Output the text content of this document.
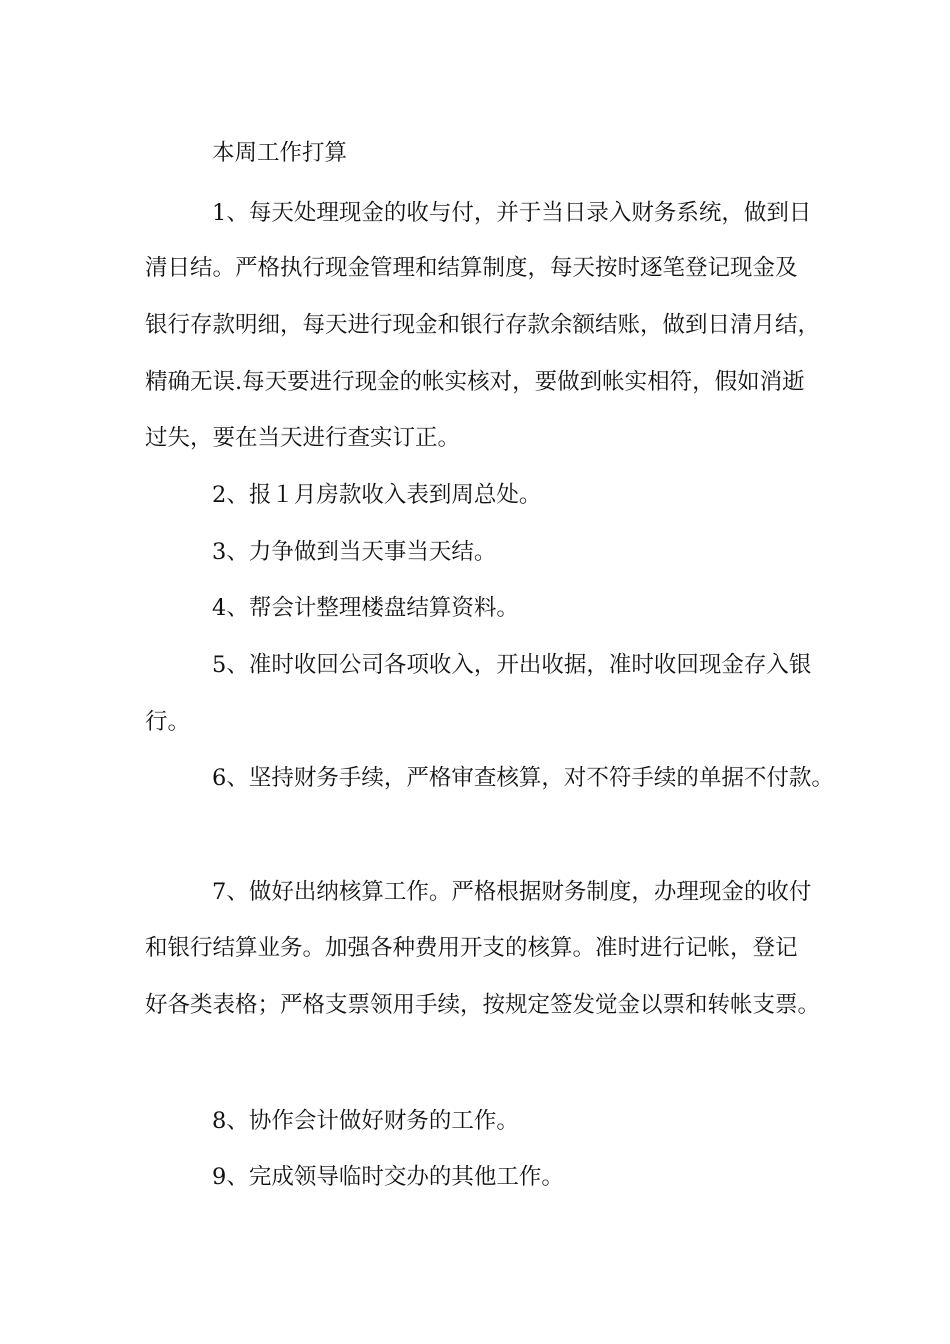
本周工作打算
1、每天处理现金的收与付，并于当日录入财务系统，做到日
清日结。严格执行现金管理和结算制度，每天按时逐笔登记现金及
银行存款明细，每天进行现金和银行存款余额结账，做到日清月结，
精确无误.每天要进行现金的帐实核对，要做到帐实相符，假如消逝
过失，要在当天进行查实订正。
2、报１月房款收入表到周总处。
3、力争做到当天事当天结。
4、帮会计整理楼盘结算资料。
5、准时收回公司各项收入，开出收据，准时收回现金存入银
行。
6、坚持财务手续，严格审查核算，对不符手续的单据不付款。
7、做好出纳核算工作。严格根据财务制度，办理现金的收付
和银行结算业务。加强各种费用开支的核算。准时进行记帐，登记
好各类表格；严格支票领用手续，按规定签发觉金以票和转帐支票。
8、协作会计做好财务的工作。
9、完成领导临时交办的其他工作。
